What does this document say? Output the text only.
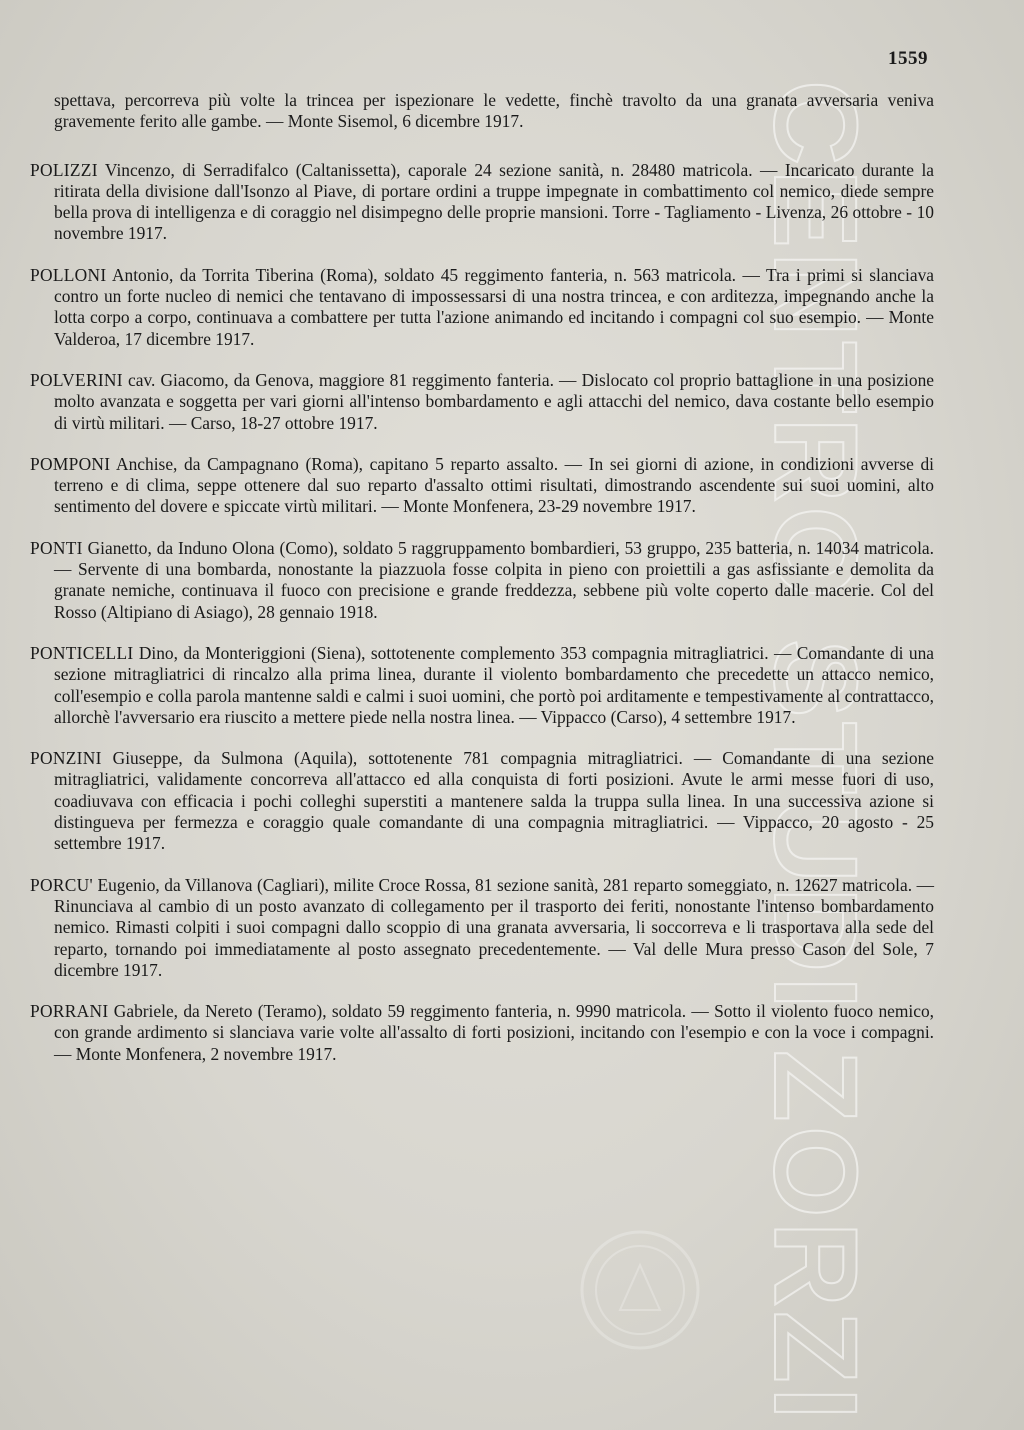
1559
CENTRO STUDI ZORZI

spettava, percorreva più volte la trincea per ispezionare le vedette, finchè travolto da una granata avversaria veniva gravemente ferito alle gambe. — Monte Sisemol, 6 dicembre 1917.

POLIZZI Vincenzo, di Serradifalco (Caltanissetta), caporale 24 sezione sanità, n. 28480 matricola. — Incaricato durante la ritirata della divisione dall'Isonzo al Piave, di portare ordini a truppe impegnate in combattimento col nemico, diede sempre bella prova di intelligenza e di coraggio nel disimpegno delle proprie mansioni. Torre - Tagliamento - Livenza, 26 ottobre - 10 novembre 1917.

POLLONI Antonio, da Torrita Tiberina (Roma), soldato 45 reggimento fanteria, n. 563 matricola. — Tra i primi si slanciava contro un forte nucleo di nemici che tentavano di impossessarsi di una nostra trincea, e con arditezza, impegnando anche la lotta corpo a corpo, continuava a combattere per tutta l'azione animando ed incitando i compagni col suo esempio. — Monte Valderoa, 17 dicembre 1917.

POLVERINI cav. Giacomo, da Genova, maggiore 81 reggimento fanteria. — Dislocato col proprio battaglione in una posizione molto avanzata e soggetta per vari giorni all'intenso bombardamento e agli attacchi del nemico, dava costante bello esempio di virtù militari. — Carso, 18-27 ottobre 1917.

POMPONI Anchise, da Campagnano (Roma), capitano 5 reparto assalto. — In sei giorni di azione, in condizioni avverse di terreno e di clima, seppe ottenere dal suo reparto d'assalto ottimi risultati, dimostrando ascendente sui suoi uomini, alto sentimento del dovere e spiccate virtù militari. — Monte Monfenera, 23-29 novembre 1917.

PONTI Gianetto, da Induno Olona (Como), soldato 5 raggruppamento bombardieri, 53 gruppo, 235 batteria, n. 14034 matricola. — Servente di una bombarda, nonostante la piazzuola fosse colpita in pieno con proiettili a gas asfissiante e demolita da granate nemiche, continuava il fuoco con precisione e grande freddezza, sebbene più volte coperto dalle macerie. Col del Rosso (Altipiano di Asiago), 28 gennaio 1918.

PONTICELLI Dino, da Monteriggioni (Siena), sottotenente complemento 353 compagnia mitragliatrici. — Comandante di una sezione mitragliatrici di rincalzo alla prima linea, durante il violento bombardamento che precedette un attacco nemico, coll'esempio e colla parola mantenne saldi e calmi i suoi uomini, che portò poi arditamente e tempestivamente al contrattacco, allorchè l'avversario era riuscito a mettere piede nella nostra linea. — Vippacco (Carso), 4 settembre 1917.

PONZINI Giuseppe, da Sulmona (Aquila), sottotenente 781 compagnia mitragliatrici. — Comandante di una sezione mitragliatrici, validamente concorreva all'attacco ed alla conquista di forti posizioni. Avute le armi messe fuori di uso, coadiuvava con efficacia i pochi colleghi superstiti a mantenere salda la truppa sulla linea. In una successiva azione si distingueva per fermezza e coraggio quale comandante di una compagnia mitragliatrici. — Vippacco, 20 agosto - 25 settembre 1917.

PORCU' Eugenio, da Villanova (Cagliari), milite Croce Rossa, 81 sezione sanità, 281 reparto someggiato, n. 12627 matricola. — Rinunciava al cambio di un posto avanzato di collegamento per il trasporto dei feriti, nonostante l'intenso bombardamento nemico. Rimasti colpiti i suoi compagni dallo scoppio di una granata avversaria, li soccorreva e li trasportava alla sede del reparto, tornando poi immediatamente al posto assegnato precedentemente. — Val delle Mura presso Cason del Sole, 7 dicembre 1917.

PORRANI Gabriele, da Nereto (Teramo), soldato 59 reggimento fanteria, n. 9990 matricola. — Sotto il violento fuoco nemico, con grande ardimento si slanciava varie volte all'assalto di forti posizioni, incitando con l'esempio e con la voce i compagni. — Monte Monfenera, 2 novembre 1917.
